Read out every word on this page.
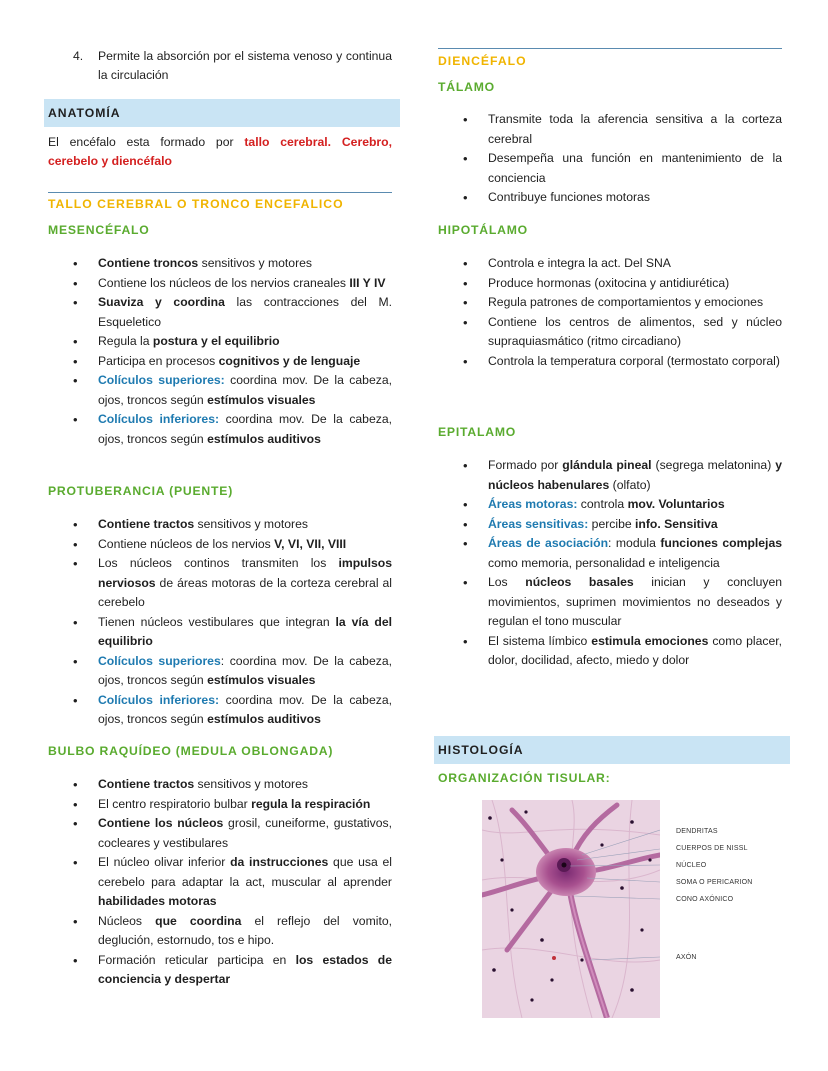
4.	Permite la absorción por el sistema venoso y continua la circulación

ANATOMÍA

El encéfalo esta formado por tallo cerebral. Cerebro, cerebelo y diencéfalo

TALLO CEREBRAL O TRONCO ENCEFALICO
MESENCÉFALO
• Contiene troncos sensitivos y motores
• Contiene los núcleos de los nervios craneales III Y IV
• Suaviza y coordina las contracciones del M. Esqueletico
• Regula la postura y el equilibrio
• Participa en procesos cognitivos y de lenguaje
• Colículos superiores: coordina mov. De la cabeza, ojos, troncos según estímulos visuales
• Colículos inferiores: coordina mov. De la cabeza, ojos, troncos según estímulos auditivos
PROTUBERANCIA (PUENTE)
• Contiene tractos sensitivos y motores
• Contiene núcleos de los nervios V, VI, VII, VIII
• Los núcleos continos transmiten los impulsos nerviosos de áreas motoras de la corteza cerebral al cerebelo
• Tienen núcleos vestibulares que integran la vía del equilibrio
• Colículos superiores: coordina mov. De la cabeza, ojos, troncos según estímulos visuales
• Colículos inferiores: coordina mov. De la cabeza, ojos, troncos según estímulos auditivos
BULBO RAQUÍDEO (MEDULA OBLONGADA)
• Contiene tractos sensitivos y motores
• El centro respiratorio bulbar regula la respiración
• Contiene los núcleos grosil, cuneiforme, gustativos, cocleares y vestibulares
• El núcleo olivar inferior da instrucciones que usa el cerebelo para adaptar la act, muscular al aprender habilidades motoras
• Núcleos que coordina el reflejo del vomito, deglución, estornudo, tos e hipo.
• Formación reticular participa en los estados de conciencia y despertar
DIENCÉFALO
TÁLAMO
• Transmite toda la aferencia sensitiva a la corteza cerebral
• Desempeña una función en mantenimiento de la conciencia
• Contribuye funciones motoras
HIPOTÁLAMO
• Controla e integra la act. Del SNA
• Produce hormonas (oxitocina y antidiurética)
• Regula patrones de comportamientos y emociones
• Contiene los centros de alimentos, sed y núcleo supraquiasmático (ritmo circadiano)
• Controla la temperatura corporal (termostato corporal)
EPITALAMO
• Formado por glándula pineal (segrega melatonina) y núcleos habenulares (olfato)
• Áreas motoras: controla mov. Voluntarios
• Áreas sensitivas: percibe info. Sensitiva
• Áreas de asociación: modula funciones complejas como memoria, personalidad e inteligencia
• Los núcleos basales inician y concluyen movimientos, suprimen movimientos no deseados y regulan el tono muscular
• El sistema límbico estimula emociones como placer, dolor, docilidad, afecto, miedo y dolor
HISTOLOGÍA
ORGANIZACIÓN TISULAR:
DENDRITAS
CUERPOS DE NISSL
NÚCLEO
SOMA O PERICARION
CONO AXÓNICO
AXÓN
